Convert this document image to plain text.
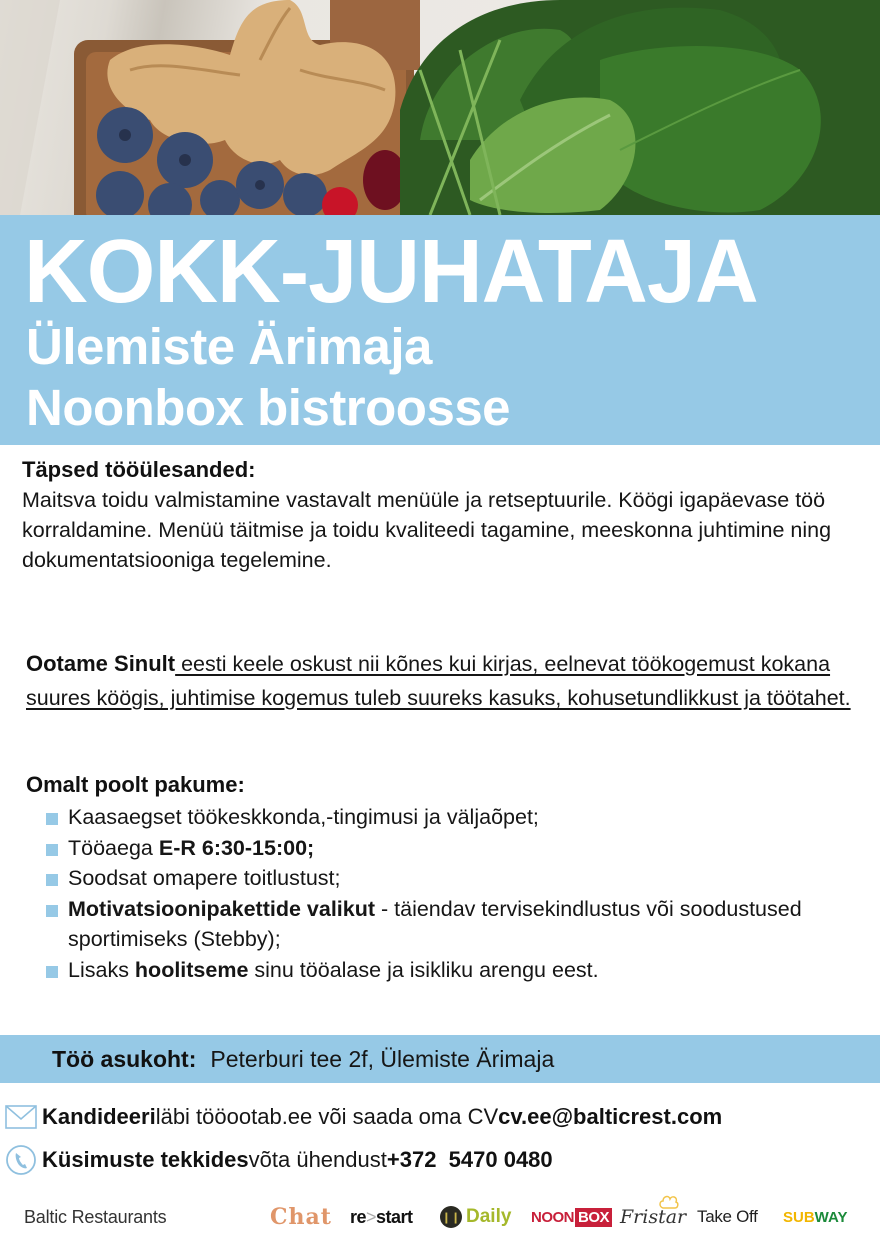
KOKK-JUHATAJA
Ülemiste Ärimaja
Noonbox bistroosse
Täpsed tööülesanded:
Maitsva toidu valmistamine vastavalt menüüle ja retseptuurile. Köögi igapäevase töö korraldamine. Menüü täitmise ja toidu kvaliteedi tagamine, meeskonna juhtimine ning dokumentatsiooniga tegelemine.
Ootame Sinult eesti keele oskust nii kõnes kui kirjas, eelnevat töökogemust kokana suures köögis, juhtimise kogemus tuleb suureks kasuks, kohusetundlikkust ja töötahet.
Omalt poolt pakume:
Kaasaegset töökeskkonda,-tingimusi ja väljaõpet;
Tööaega E-R 6:30-15:00;
Soodsat omapere toitlustust;
Motivatsioonipakettide valikut - täiendav tervisekindlustus või soodustused sportimiseks (Stebby);
Lisaks hoolitseme sinu tööalase ja isikliku arengu eest.
Töö asukoht: Peterburi tee 2f, Ülemiste Ärimaja
Kandideeri läbi tööootab.ee või saada oma CV cv.ee@balticrest.com
Küsimuste tekkides võta ühendust +372  5470 0480
Baltic Restaurants	Chat re > start	❙❙ Daily NOON BOX Fristar Take Off SUB WAY
